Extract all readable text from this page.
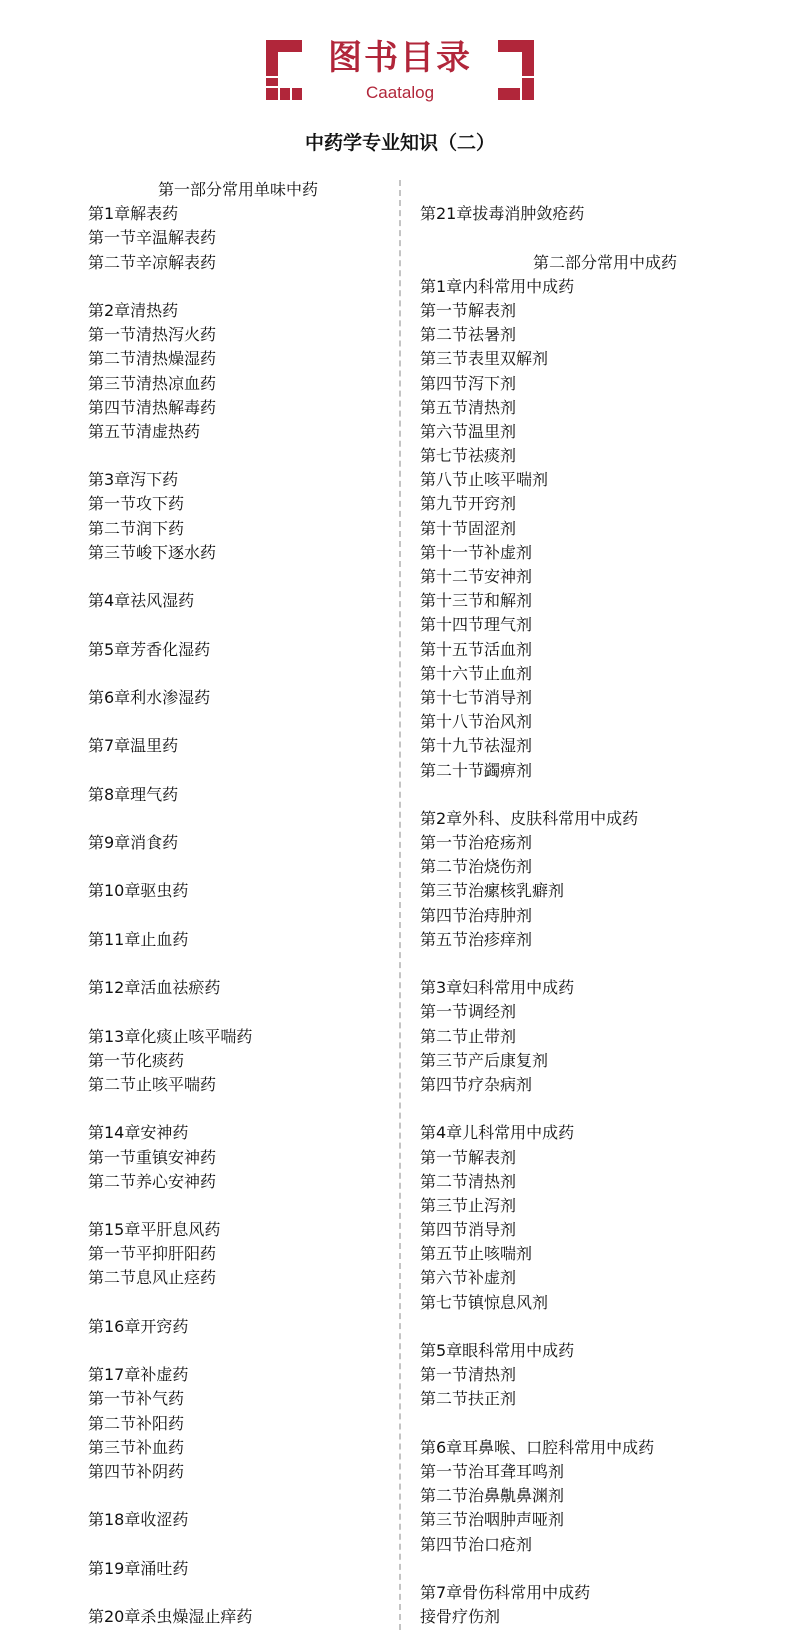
图书目录
Caatalog
中药学专业知识（二）
第一部分常用单味中药
第1章解表药
第一节辛温解表药
第二节辛凉解表药
第2章清热药
第一节清热泻火药
第二节清热燥湿药
第三节清热凉血药
第四节清热解毒药
第五节清虚热药
第3章泻下药
第一节攻下药
第二节润下药
第三节峻下逐水药
第4章祛风湿药
第5章芳香化湿药
第6章利水渗湿药
第7章温里药
第8章理气药
第9章消食药
第10章驱虫药
第11章止血药
第12章活血祛瘀药
第13章化痰止咳平喘药
第一节化痰药
第二节止咳平喘药
第14章安神药
第一节重镇安神药
第二节养心安神药
第15章平肝息风药
第一节平抑肝阳药
第二节息风止痉药
第16章开窍药
第17章补虚药
第一节补气药
第二节补阳药
第三节补血药
第四节补阴药
第18章收涩药
第19章涌吐药
第20章杀虫燥湿止痒药
第21章拔毒消肿敛疮药
第二部分常用中成药
第1章内科常用中成药
第一节解表剂
第二节祛暑剂
第三节表里双解剂
第四节泻下剂
第五节清热剂
第六节温里剂
第七节祛痰剂
第八节止咳平喘剂
第九节开窍剂
第十节固涩剂
第十一节补虚剂
第十二节安神剂
第十三节和解剂
第十四节理气剂
第十五节活血剂
第十六节止血剂
第十七节消导剂
第十八节治风剂
第十九节祛湿剂
第二十节蠲痹剂
第2章外科、皮肤科常用中成药
第一节治疮疡剂
第二节治烧伤剂
第三节治瘰核乳癖剂
第四节治痔肿剂
第五节治疹痒剂
第3章妇科常用中成药
第一节调经剂
第二节止带剂
第三节产后康复剂
第四节疗杂病剂
第4章儿科常用中成药
第一节解表剂
第二节清热剂
第三节止泻剂
第四节消导剂
第五节止咳喘剂
第六节补虚剂
第七节镇惊息风剂
第5章眼科常用中成药
第一节清热剂
第二节扶正剂
第6章耳鼻喉、口腔科常用中成药
第一节治耳聋耳鸣剂
第二节治鼻鼽鼻渊剂
第三节治咽肿声哑剂
第四节治口疮剂
第7章骨伤科常用中成药
接骨疗伤剂
